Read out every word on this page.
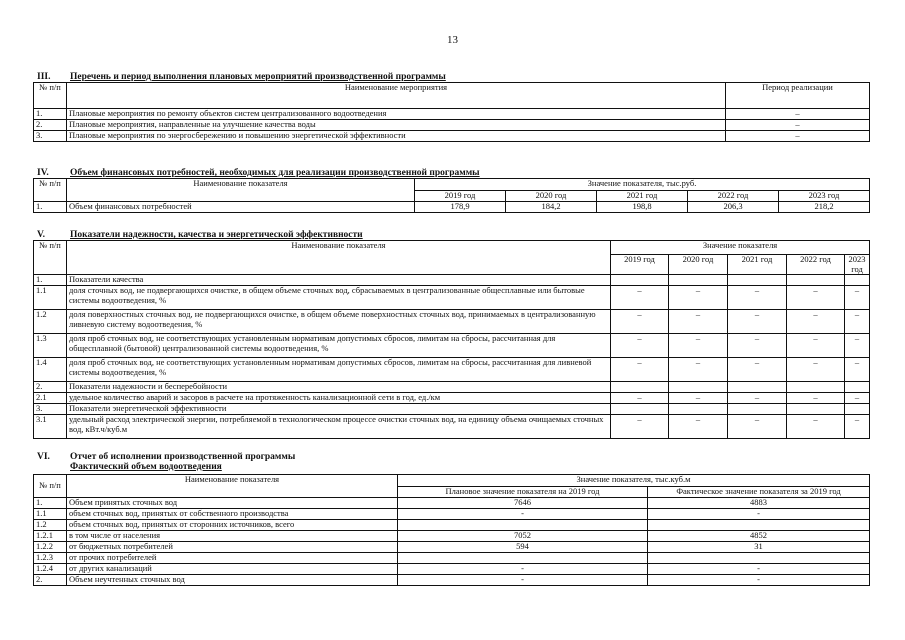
13
III. Перечень и период выполнения плановых мероприятий производственной программы
№ п/п	Наименование мероприятия	Период реализации
1.	Плановые мероприятия по ремонту объектов систем централизованного водоотведения	–
2.	Плановые мероприятия, направленные на улучшение качества воды	–
3.	Плановые мероприятия по энергосбережению и повышению энергетической эффективности	–
IV. Объем финансовых потребностей, необходимых для реализации производственной программы
№ п/п	Наименование показателя	Значение показателя, тыс.руб.				
		2019 год	2020 год	2021 год	2022 год	2023 год
1.	Объем финансовых потребностей	178,9	184,2	198,8	206,3	218,2
V.	Показатели надежности, качества и энергетической эффективности
№ п/п	Наименование показателя	Значение показателя				
		2019 год	2020 год	2021 год	2022 год	2023 год
1.	Показатели качества					
1.1	доля сточных вод, не подвергающихся очистке, в общем объеме сточных вод, сбрасываемых в централизованные общесплавные или бытовые системы водоотведения, %	–	–	–	–	–
1.2	доля поверхностных сточных вод, не подвергающихся очистке, в общем объеме поверхностных сточных вод, принимаемых в централизованную ливневую систему водоотведения, %	–	–	–	–	–
1.3	доля проб сточных вод, не соответствующих установленным нормативам допустимых сбросов, лимитам на сбросы, рассчитанная для общесплавной (бытовой) централизованной системы водоотведения, %	–	–	–	–	–
1.4	доля проб сточных вод, не соответствующих установленным нормативам допустимых сбросов, лимитам на сбросы, рассчитанная для ливневой системы водоотведения, %	–	–	–	–	–
2.	Показатели надежности и бесперебойности					
2.1	удельное количество аварий и засоров в расчете на протяженность канализационной сети в год, ед./км	–	–	–	–	–
3.	Показатели энергетической эффективности					
3.1	удельный расход электрической энергии, потребляемой в технологическом процессе очистки сточных вод, на единицу объема очищаемых сточных вод, кВт.ч/куб.м	–	–	–	–	–
VI. Отчет об исполнении производственной программы
Фактический объем водоотведения
№ п/п	Наименование показателя	Значение показателя, тыс.куб.м	
		Плановое значение показателя на 2019 год	Фактическое значение показателя за 2019 год
1.	Объем принятых сточных вод	7646	4883
1.1	объем сточных вод, принятых от собственного производства	-	-
1.2	объем сточных вод, принятых от сторонних источников, всего		
1.2.1	в том числе от населения	7052	4852
1.2.2	от бюджетных потребителей	594	31
1.2.3	от прочих потребителей		
1.2.4	от других канализаций	-	-
2.	Объем неучтенных сточных вод	-	-
